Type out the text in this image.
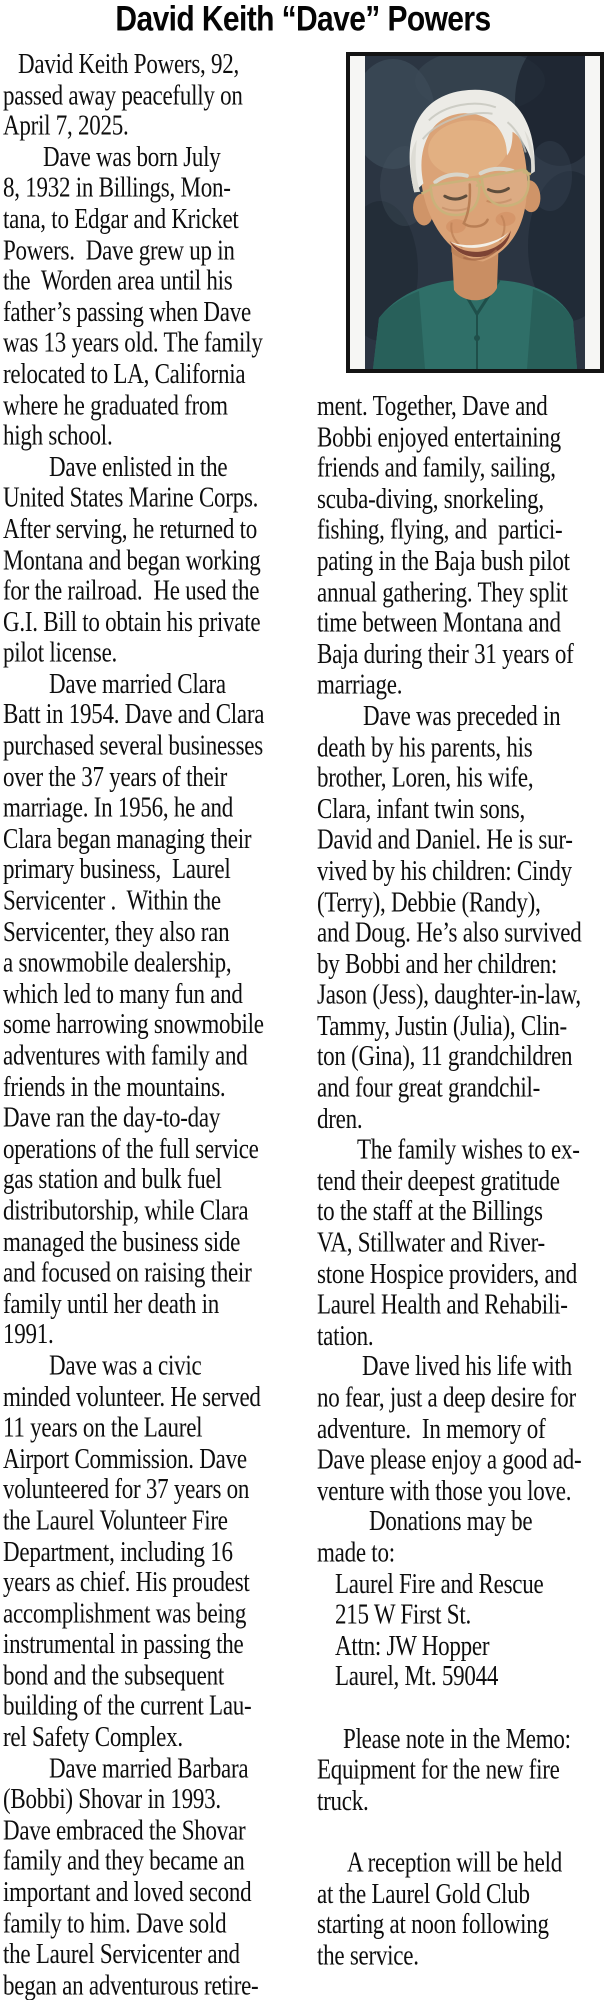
David Keith “Dave” Powers
David Keith Powers, 92,
passed away peacefully on
April 7, 2025.
Dave was born July
8, 1932 in Billings, Mon-
tana, to Edgar and Kricket
Powers.  Dave grew up in
the  Worden area until his
father’s passing when Dave
was 13 years old. The family
relocated to LA, California
where he graduated from
high school.
Dave enlisted in the
United States Marine Corps.
After serving, he returned to
Montana and began working
for the railroad.  He used the
G.I. Bill to obtain his private
pilot license.
Dave married Clara
Batt in 1954. Dave and Clara
purchased several businesses
over the 37 years of their
marriage. In 1956, he and
Clara began managing their
primary business,  Laurel
Servicenter .  Within the
Servicenter, they also ran
a snowmobile dealership,
which led to many fun and
some harrowing snowmobile
adventures with family and
friends in the mountains.
Dave ran the day-to-day
operations of the full service
gas station and bulk fuel
distributorship, while Clara
managed the business side
and focused on raising their
family until her death in
1991.
Dave was a civic
minded volunteer. He served
11 years on the Laurel
Airport Commission. Dave
volunteered for 37 years on
the Laurel Volunteer Fire
Department, including 16
years as chief. His proudest
accomplishment was being
instrumental in passing the
bond and the subsequent
building of the current Lau-
rel Safety Complex.
Dave married Barbara
(Bobbi) Shovar in 1993.
Dave embraced the Shovar
family and they became an
important and loved second
family to him. Dave sold
the Laurel Servicenter and
began an adventurous retire-
ment. Together, Dave and
Bobbi enjoyed entertaining
friends and family, sailing,
scuba-diving, snorkeling,
fishing, flying, and  partici-
pating in the Baja bush pilot
annual gathering. They split
time between Montana and
Baja during their 31 years of
marriage.
Dave was preceded in
death by his parents, his
brother, Loren, his wife,
Clara, infant twin sons,
David and Daniel. He is sur-
vived by his children: Cindy
(Terry), Debbie (Randy),
and Doug. He’s also survived
by Bobbi and her children:
Jason (Jess), daughter-in-law,
Tammy, Justin (Julia), Clin-
ton (Gina), 11 grandchildren
and four great grandchil-
dren.
The family wishes to ex-
tend their deepest gratitude
to the staff at the Billings
VA, Stillwater and River-
stone Hospice providers, and
Laurel Health and Rehabili-
tation.
Dave lived his life with
no fear, just a deep desire for
adventure.  In memory of
Dave please enjoy a good ad-
venture with those you love.
Donations may be
made to:
Laurel Fire and Rescue
215 W First St.
Attn: JW Hopper
Laurel, Mt. 59044
Please note in the Memo:
Equipment for the new fire
truck.
A reception will be held
at the Laurel Gold Club
starting at noon following
the service.
